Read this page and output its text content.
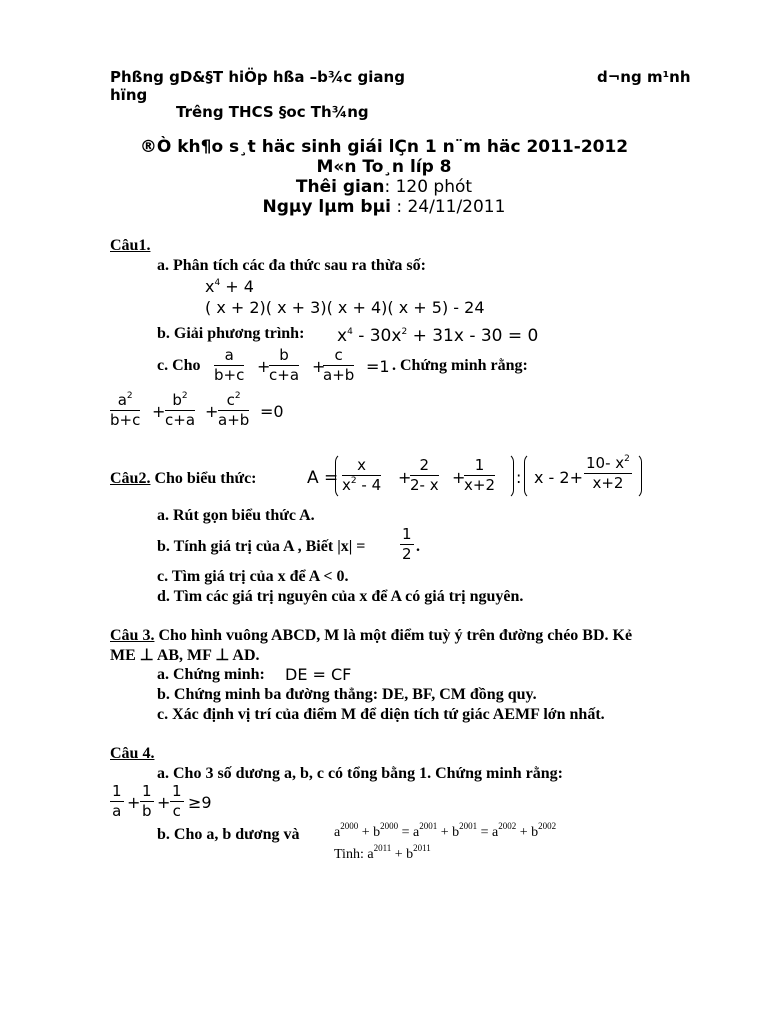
Phßng gD&§T hiÖp hßa –b¾c giang	d¬ng m¹nh
hïng
Trêng THCS §oc Th¾ng
®Ò kh¶o s¸t häc sinh giái lÇn 1 n¨m häc 2011-2012
M«n To¸n líp 8
Thêi gian: 120 phót
Ngµy lµm bµi : 24/11/2011
Câu1.
a. Phân tích các đa thức sau ra thừa số:
$x^4 + 4$
( x + 2)( x + 3)( x + 4)( x + 5) - 24
b. Giải phương trình: $x^4 - 30x^2 + 31x - 30 = 0$
c. Cho $\frac{a}{b+c}$ +
$\frac{b}{c+a}$ +
$\frac{c}{a+b} =1$ . Chứng minh rằng:
$\frac{a^2}{b+c} + \frac{b^2}{c+a} + \frac{c^2}{a+b} =0$
Câu2. Cho biểu thức:	$A = \frac{x}{x^2 - 4}$ +
$\frac{2}{2- x}$ +
$\frac{1}{x+2}$ : $x - 2+ \frac{10- x^2}{x+2}$
a. Rút gọn biểu thức A.
b. Tính giá trị của A , Biết $|x| = \frac{1}{2}$ .
c. Tìm giá trị của x để A < 0.
d. Tìm các giá trị nguyên của x để A có giá trị nguyên.
Câu 3. Cho hình vuông ABCD, M là một điểm tuỳ ý trên đường chéo BD. Kẻ
ME ⊥ AB, MF ⊥ AD.
a. Chứng minh: DE = CF
b. Chứng minh ba đường thẳng: DE, BF, CM đồng quy.
c. Xác định vị trí của điểm M để diện tích tứ giác AEMF lớn nhất.
Câu 4.
a. Cho 3 số dương a, b, c có tổng bằng 1. Chứng minh rằng:
$\frac{1}{a} + \frac{1}{b} + \frac{1}{c} \ge 9$
b. Cho a, b dương và $a^{2000} + b^{2000} = a^{2001} + b^{2001} = a^{2002} + b^{2002}$
Tinh: $a^{2011} + b^{2011}$
